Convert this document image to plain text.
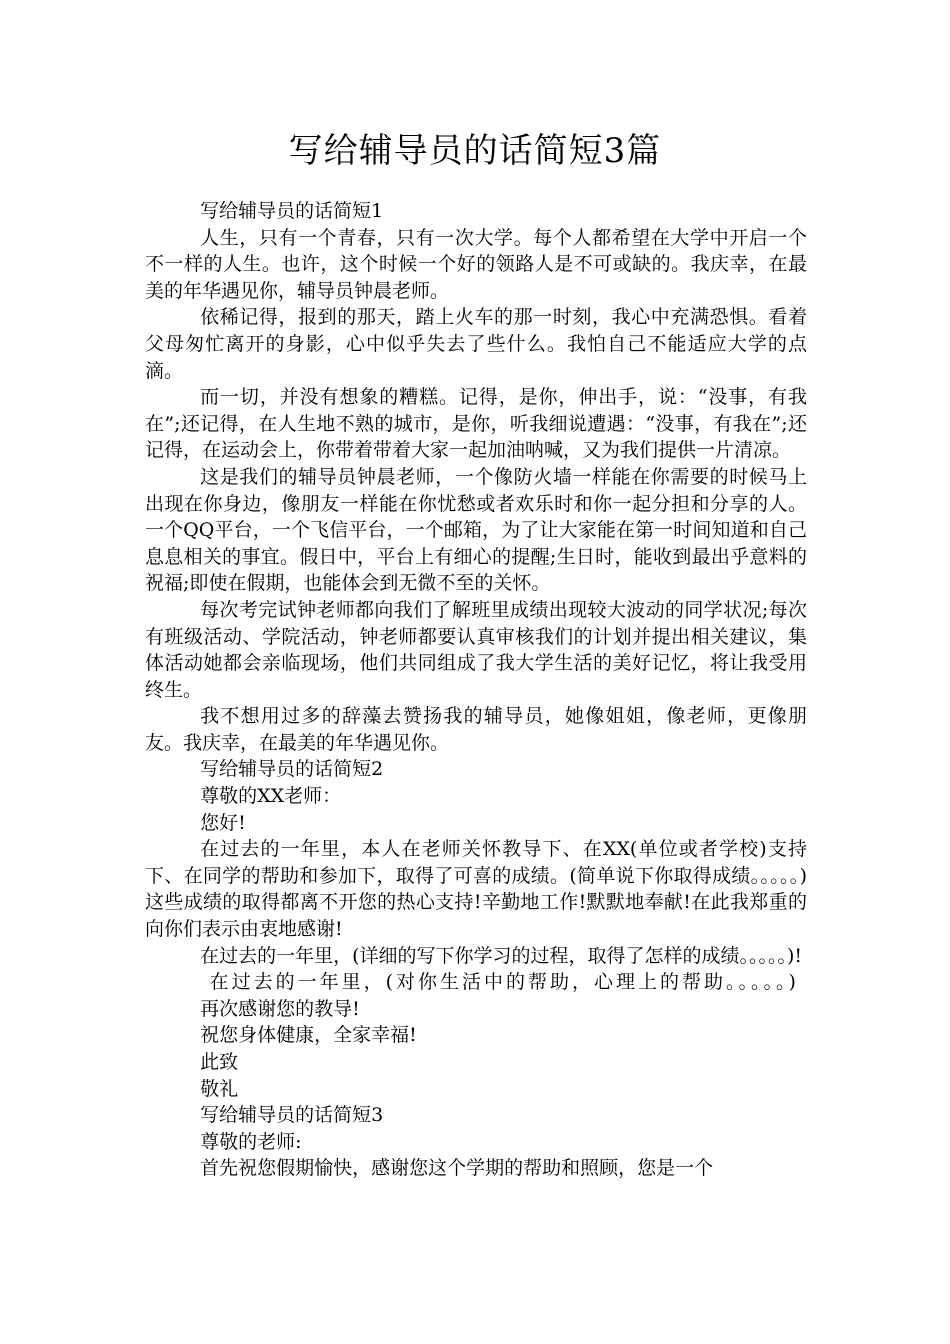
写给辅导员的话简短3篇

写给辅导员的话简短1

人生，只有一个青春，只有一次大学。每个人都希望在大学中开启一个不一样的人生。也许，这个时候一个好的领路人是不可或缺的。我庆幸，在最美的年华遇见你，辅导员钟晨老师。

依稀记得，报到的那天，踏上火车的那一时刻，我心中充满恐惧。看着父母匆忙离开的身影，心中似乎失去了些什么。我怕自己不能适应大学的点滴。

而一切，并没有想象的糟糕。记得，是你，伸出手，说：“没事，有我在”;还记得，在人生地不熟的城市，是你，听我细说遭遇：“没事，有我在”;还记得，在运动会上，你带着带着大家一起加油呐喊，又为我们提供一片清凉。

这是我们的辅导员钟晨老师，一个像防火墙一样能在你需要的时候马上出现在你身边，像朋友一样能在你忧愁或者欢乐时和你一起分担和分享的人。一个QQ平台，一个飞信平台，一个邮箱，为了让大家能在第一时间知道和自己息息相关的事宜。假日中，平台上有细心的提醒;生日时，能收到最出乎意料的祝福;即使在假期，也能体会到无微不至的关怀。

每次考完试钟老师都向我们了解班里成绩出现较大波动的同学状况;每次有班级活动、学院活动，钟老师都要认真审核我们的计划并提出相关建议，集体活动她都会亲临现场，他们共同组成了我大学生活的美好记忆，将让我受用终生。

我不想用过多的辞藻去赞扬我的辅导员，她像姐姐，像老师，更像朋友。我庆幸，在最美的年华遇见你。

写给辅导员的话简短2

尊敬的XX老师：

您好!

在过去的一年里，本人在老师关怀教导下、在XX(单位或者学校)支持下、在同学的帮助和参加下，取得了可喜的成绩。(简单说下你取得成绩。。。。。)这些成绩的取得都离不开您的热心支持!辛勤地工作!默默地奉献!在此我郑重的向你们表示由衷地感谢!

在过去的一年里，(详细的写下你学习的过程，取得了怎样的成绩。。。。。)!

在过去的一年里，(对你生活中的帮助，心理上的帮助。。。。。)

再次感谢您的教导!

祝您身体健康，全家幸福!

此致

敬礼

写给辅导员的话简短3

尊敬的老师:

首先祝您假期愉快，感谢您这个学期的帮助和照顾，您是一个
